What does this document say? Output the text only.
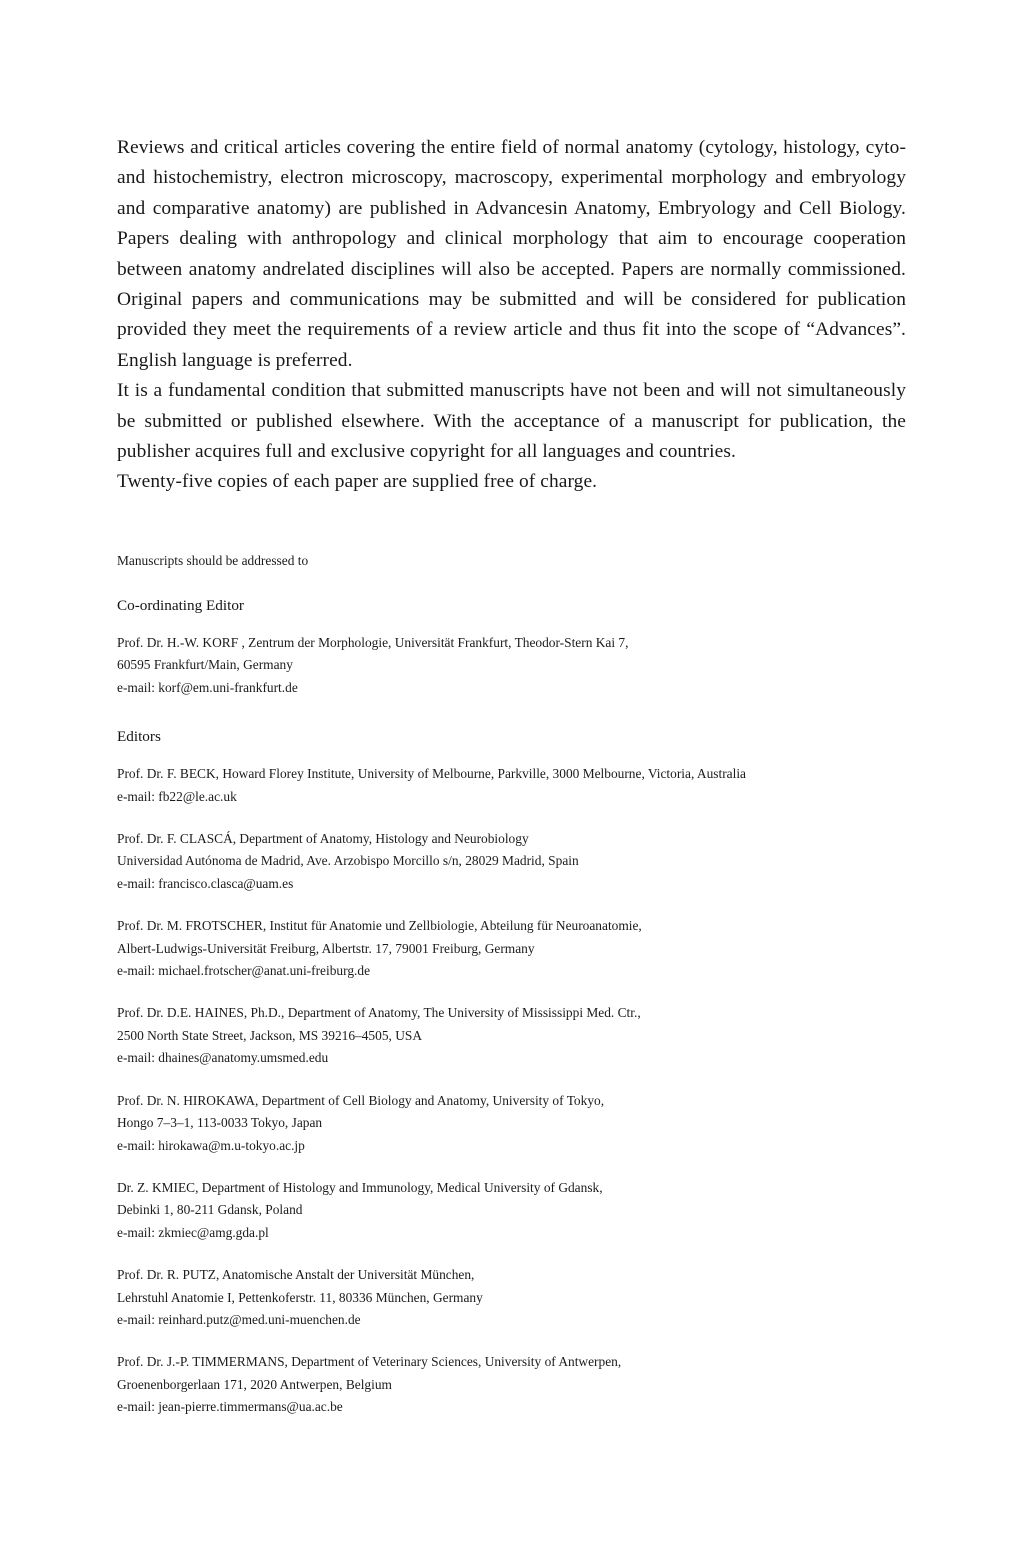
Reviews and critical articles covering the entire field of normal anatomy (cytology, histology, cyto- and histochemistry, electron microscopy, macroscopy, experimental morphology and embryology and comparative anatomy) are published in Advancesin Anatomy, Embryology and Cell Biology. Papers dealing with anthropology and clinical morphology that aim to encourage cooperation between anatomy andrelated disciplines will also be accepted. Papers are normally commissioned. Original papers and communications may be submitted and will be considered for publication provided they meet the requirements of a review article and thus fit into the scope of “Advances”. English language is preferred.

It is a fundamental condition that submitted manuscripts have not been and will not simultaneously be submitted or published elsewhere. With the acceptance of a manuscript for publication, the publisher acquires full and exclusive copyright for all languages and countries.

Twenty-five copies of each paper are supplied free of charge.

Manuscripts should be addressed to

Co-ordinating Editor

Prof. Dr. H.-W. KORF , Zentrum der Morphologie, Universität Frankfurt, Theodor-Stern Kai 7,
60595 Frankfurt/Main, Germany
e-mail: korf@em.uni-frankfurt.de

Editors

Prof. Dr. F. BECK, Howard Florey Institute, University of Melbourne, Parkville, 3000 Melbourne, Victoria, Australia
e-mail: fb22@le.ac.uk

Prof. Dr. F. CLASCÁ, Department of Anatomy, Histology and Neurobiology
Universidad Autónoma de Madrid, Ave. Arzobispo Morcillo s/n, 28029 Madrid, Spain
e-mail: francisco.clasca@uam.es

Prof. Dr. M. FROTSCHER, Institut für Anatomie und Zellbiologie, Abteilung für Neuroanatomie,
Albert-Ludwigs-Universität Freiburg, Albertstr. 17, 79001 Freiburg, Germany
e-mail: michael.frotscher@anat.uni-freiburg.de

Prof. Dr. D.E. HAINES, Ph.D., Department of Anatomy, The University of Mississippi Med. Ctr.,
2500 North State Street, Jackson, MS 39216–4505, USA
e-mail: dhaines@anatomy.umsmed.edu

Prof. Dr. N. HIROKAWA, Department of Cell Biology and Anatomy, University of Tokyo,
Hongo 7–3–1, 113-0033 Tokyo, Japan
e-mail: hirokawa@m.u-tokyo.ac.jp

Dr. Z. KMIEC, Department of Histology and Immunology, Medical University of Gdansk,
Debinki 1, 80-211 Gdansk, Poland
e-mail: zkmiec@amg.gda.pl

Prof. Dr. R. PUTZ, Anatomische Anstalt der Universität München,
Lehrstuhl Anatomie I, Pettenkoferstr. 11, 80336 München, Germany
e-mail: reinhard.putz@med.uni-muenchen.de

Prof. Dr. J.-P. TIMMERMANS, Department of Veterinary Sciences, University of Antwerpen,
Groenenborgerlaan 171, 2020 Antwerpen, Belgium
e-mail: jean-pierre.timmermans@ua.ac.be
